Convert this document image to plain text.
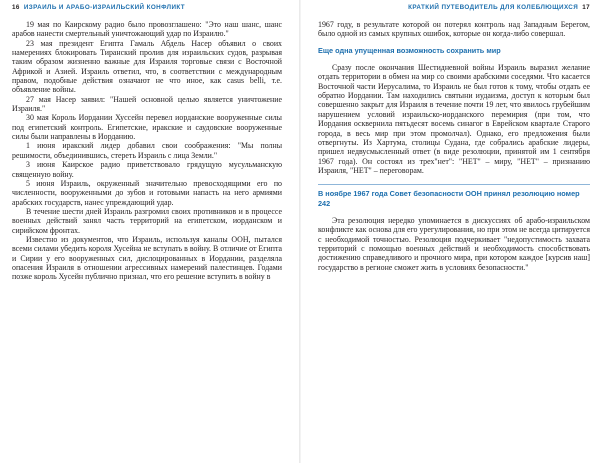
16 ИЗРАИЛЬ И АРАБО-ИЗРАИЛЬСКИЙ КОНФЛИКТ

19 мая по Каирскому радио было провозглашено: "Это наш шанс, шанс арабов нанести смертельный уничтожающий удар по Израилю."

23 мая президент Египта Гамаль Абдель Насер объявил о своих намерениях блокировать Тиранский пролив для израильских судов, разрывая таким образом жизненно важные для Израиля торговые связи с Восточной Африкой и Азией. Израиль ответил, что, в соответствии с международным правом, подобные действия означают не что иное, как casus belli, т.е. объявление войны.

27 мая Насер заявил: "Нашей основной целью является уничтожение Израиля."

30 мая Король Иордании Хуссейн перевел иорданские вооруженные силы под египетский контроль. Египетские, иракские и саудовские вооруженные силы были направлены в Иорданию.

1 июня иракский лидер добавил свои соображения: "Мы полны решимости, объединившись, стереть Израиль с лица Земли."

3 июня Каирское радио приветствовало грядущую мусульманскую священную войну.

5 июня Израиль, окруженный значительно превосходящими его по численности, вооруженными до зубов и готовыми напасть на него армиями арабских государств, нанес упреждающий удар.

В течение шести дней Израиль разгромил своих противников и в процессе военных действий занял часть территорий на египетском, иорданском и сирийском фронтах.

Известно из документов, что Израиль, используя каналы ООН, пытался всеми силами убедить короля Хусейна не вступать в войну. В отличие от Египта и Сирии у его вооруженных сил, дислоцированных в Иордании, разделяла опасения Израиля в отношении агрессивных намерений палестинцев. Годами позже король Хусейн публично признал, что его решение вступить в войну в

КРАТКИЙ ПУТЕВОДИТЕЛЬ ДЛЯ КОЛЕБЛЮЩИХСЯ 17

1967 году, в результате которой он потерял контроль над Западным Берегом, было одной из самых крупных ошибок, которые он когда-либо совершал.

Еще одна упущенная возможность сохранить мир

Сразу после окончания Шестидневной войны Израиль выразил желание отдать территории в обмен на мир со своими арабскими соседями. Что касается Восточной части Иерусалима, то Израиль не был готов к тому, чтобы отдать ее обратно Иордании. Там находились святыни иудаизма, доступ к которым был совершенно закрыт для Израиля в течение почти 19 лет, что явилось грубейшим нарушением условий израильско-иорданского перемирия (при том, что Иордания осквернила пятьдесят восемь синагог в Еврейском квартале Старого города, в весь мир при этом промолчал). Однако, его предложения были отвергнуты. Из Хартума, столицы Судана, где собрались арабские лидеры, пришел недвусмысленный ответ (в виде резолюции, принятой им 1 сентября 1967 года). Он состоял из трех"нет": "НЕТ" – миру, "НЕТ" – признанию Израиля, "НЕТ" – переговорам.

В ноябре 1967 года Совет безопасности ООН принял резолюцию номер 242

Эта резолюция нередко упоминается в дискуссиях об арабо-израильском конфликте как основа для его урегулирования, но при этом не всегда цитируется с необходимой точностью. Резолюция подчеркивает "недопустимость захвата территорий с помощью военных действий и необходимость способствовать достижению справедливого и прочного мира, при котором каждое [курсив наш] государство в регионе сможет жить в условиях безопасности."
